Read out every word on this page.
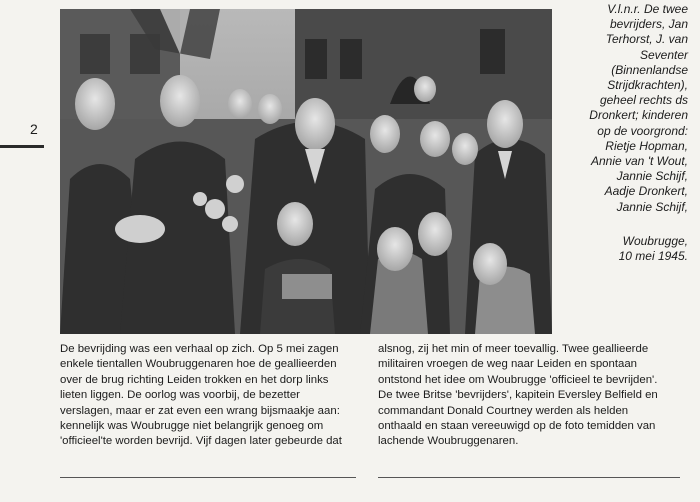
2

V.l.n.r. De twee

bevrijders, Jan

Terhorst, J. van

Seventer

(Binnenlandse

Strijdkrachten),

geheel rechts ds

Dronkert; kinderen

op de voorgrond:

Rietje Hopman,

Annie van 't Wout,

Jannie Schijf,

Aadje Dronkert,

Jannie Schijf,

Woubrugge,

10 mei 1945.

De bevrijding was een verhaal op zich. Op 5 mei zagen

enkele tientallen Woubruggenaren hoe de geallieerden

over de brug richting Leiden trokken en het dorp links

lieten liggen. De oorlog was voorbij, de bezetter

verslagen, maar er zat even een wrang bijsmaakje aan:

kennelijk was Woubrugge niet belangrijk genoeg om

'officieel'te worden bevrijd. Vijf dagen later gebeurde dat

alsnog, zij het min of meer toevallig. Twee geallieerde

militairen vroegen de weg naar Leiden en spontaan

ontstond het idee om Woubrugge 'officieel te bevrijden'.

De twee Britse 'bevrijders', kapitein Eversley Belfield en

commandant Donald Courtney werden als helden

onthaald en staan vereeuwigd op de foto temidden van

lachende Woubruggenaren.
